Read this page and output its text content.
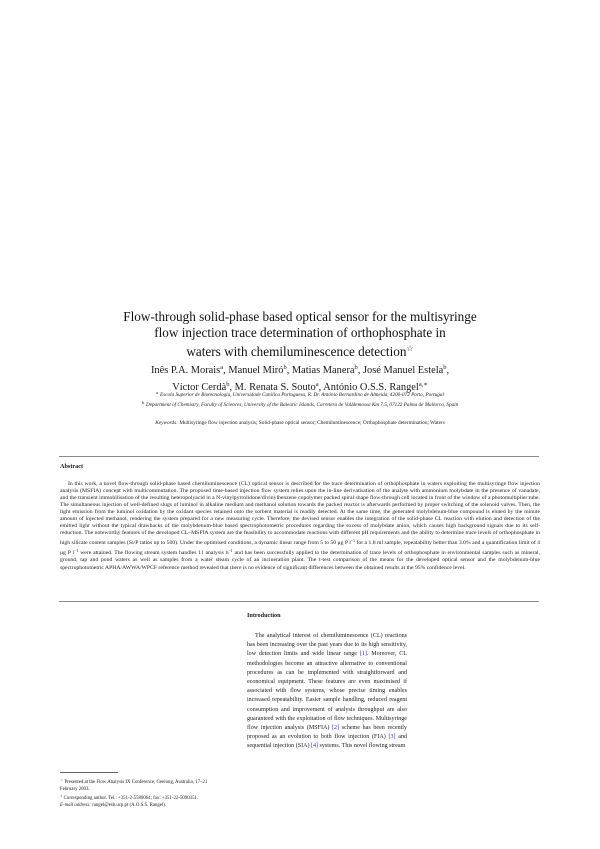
Flow-through solid-phase based optical sensor for the multisyringe
flow injection trace determination of orthophosphate in
waters with chemiluminescence detection☆
Inês P.A. Morais$^a$, Manuel Miró$^b$, Matias Manera$^b$, José Manuel Estela$^b$,
Víctor Cerdà$^b$, M. Renata S. Souto$^a$, António O.S.S. Rangel$^{a,∗}$
$^a$ Escola Superior de Biotecnologia, Universidade Católica Portuguesa, R. Dr. António Bernardino de Almeida, 4200-072 Porto, Portugal
$^b$ Department of Chemistry, Faculty of Sciences, University of the Balearic Islands, Carretera de Valldemossa Km 7.5, 07122 Palma de Mallorca, Spain
Keywords: Multisyringe flow injection analysis; Solid-phase optical sensor; Chemiluminescence; Orthophosphate determination; Waters
Abstract

In this work, a novel flow-through solid-phase based chemiluminescence (CL) optical sensor is described for the trace determination of orthophosphate in waters exploiting the multisyringe flow injection analysis (MSFIA) concept with multicommutation. The proposed time-based injection flow system relies upon the in-line derivatisation of the analyte with ammonium molybdate in the presence of vanadate, and the transient immobilisation of the resulting heteropolyacid in a N-vinylpyrrolidone/divinylbenzene copolymer packed spiral shape flow-through cell located in front of the window of a photomultiplier tube. The simultaneous injection of well-defined slugs of luminol in alkaline medium and methanol solution towards the packed reactor is afterwards performed by proper switching of the solenoid valves. Then, the light emission from the luminol oxidation by the oxidant species retained onto the sorbent material is readily detected. At the same time, the generated molybdenum-blue compound is eluted by the minute amount of injected methanol, rendering the system prepared for a new measuring cycle. Therefore, the devised sensor enables the integration of the solid-phase CL reaction with elution and detection of the emitted light without the typical drawbacks of the molybdenum-blue based spectrophotometric procedures regarding the excess of molybdate anion, which causes high background signals due to its self-reduction. The noteworthy features of the developed CL–MSFIA system are the feasibility to accommodate reactions with different pH requirements and the ability to determine trace levels of orthophosphate in high silicate content samples (Si/P ratios up to 500). Under the optimised conditions, a dynamic linear range from 5 to 50 μg P $l^{-1}$ for a 1.8 ml sample, repeatability better than 3.0% and a quantification limit of 4 μg P $l^{-1}$ were attained. The flowing stream system handles 11 analysis $h^{-1}$ and has been successfully applied to the determination of trace levels of orthophosphate in environmental samples such as mineral, ground, tap and pond waters as well as samples from a water steam cycle of an incineration plant. The t-test comparison of the means for the developed optical sensor and the molybdenum-blue spectrophotometric APHA/AWWA/WPCF reference method revealed that there is no evidence of significant differences between the obtained results at the 95% confidence level.

Introduction

The analytical interest of chemiluminescence (CL) reactions has been increasing over the past years due to its high sensitivity, low detection limits and wide linear range [1]. Moreover, CL methodologies become an attractive alternative to conventional procedures as can be implemented with straightforward and economical equipment. These features are even maximised if associated with flow systems, whose precise timing enables increased repeatability. Easier sample handling, reduced reagent consumption and improvement of analysis throughput are also guaranteed with the exploitation of flow techniques. Multisyringe flow injection analysis (MSFIA) [2] scheme has been recently proposed as an evolution to both flow injection (FIA) [3] and sequential injection (SIA) [4] systems. This novel flowing stream

☆ Presented at the Flow Analysis IX Conference, Geelong, Australia, 17–21 February 2003.
∗ Corresponding author. Tel.: +351-2-5580064; fax: +351-22-5090351.
E-mail address: rangel@esb.ucp.pt (A.O.S.S. Rangel).
